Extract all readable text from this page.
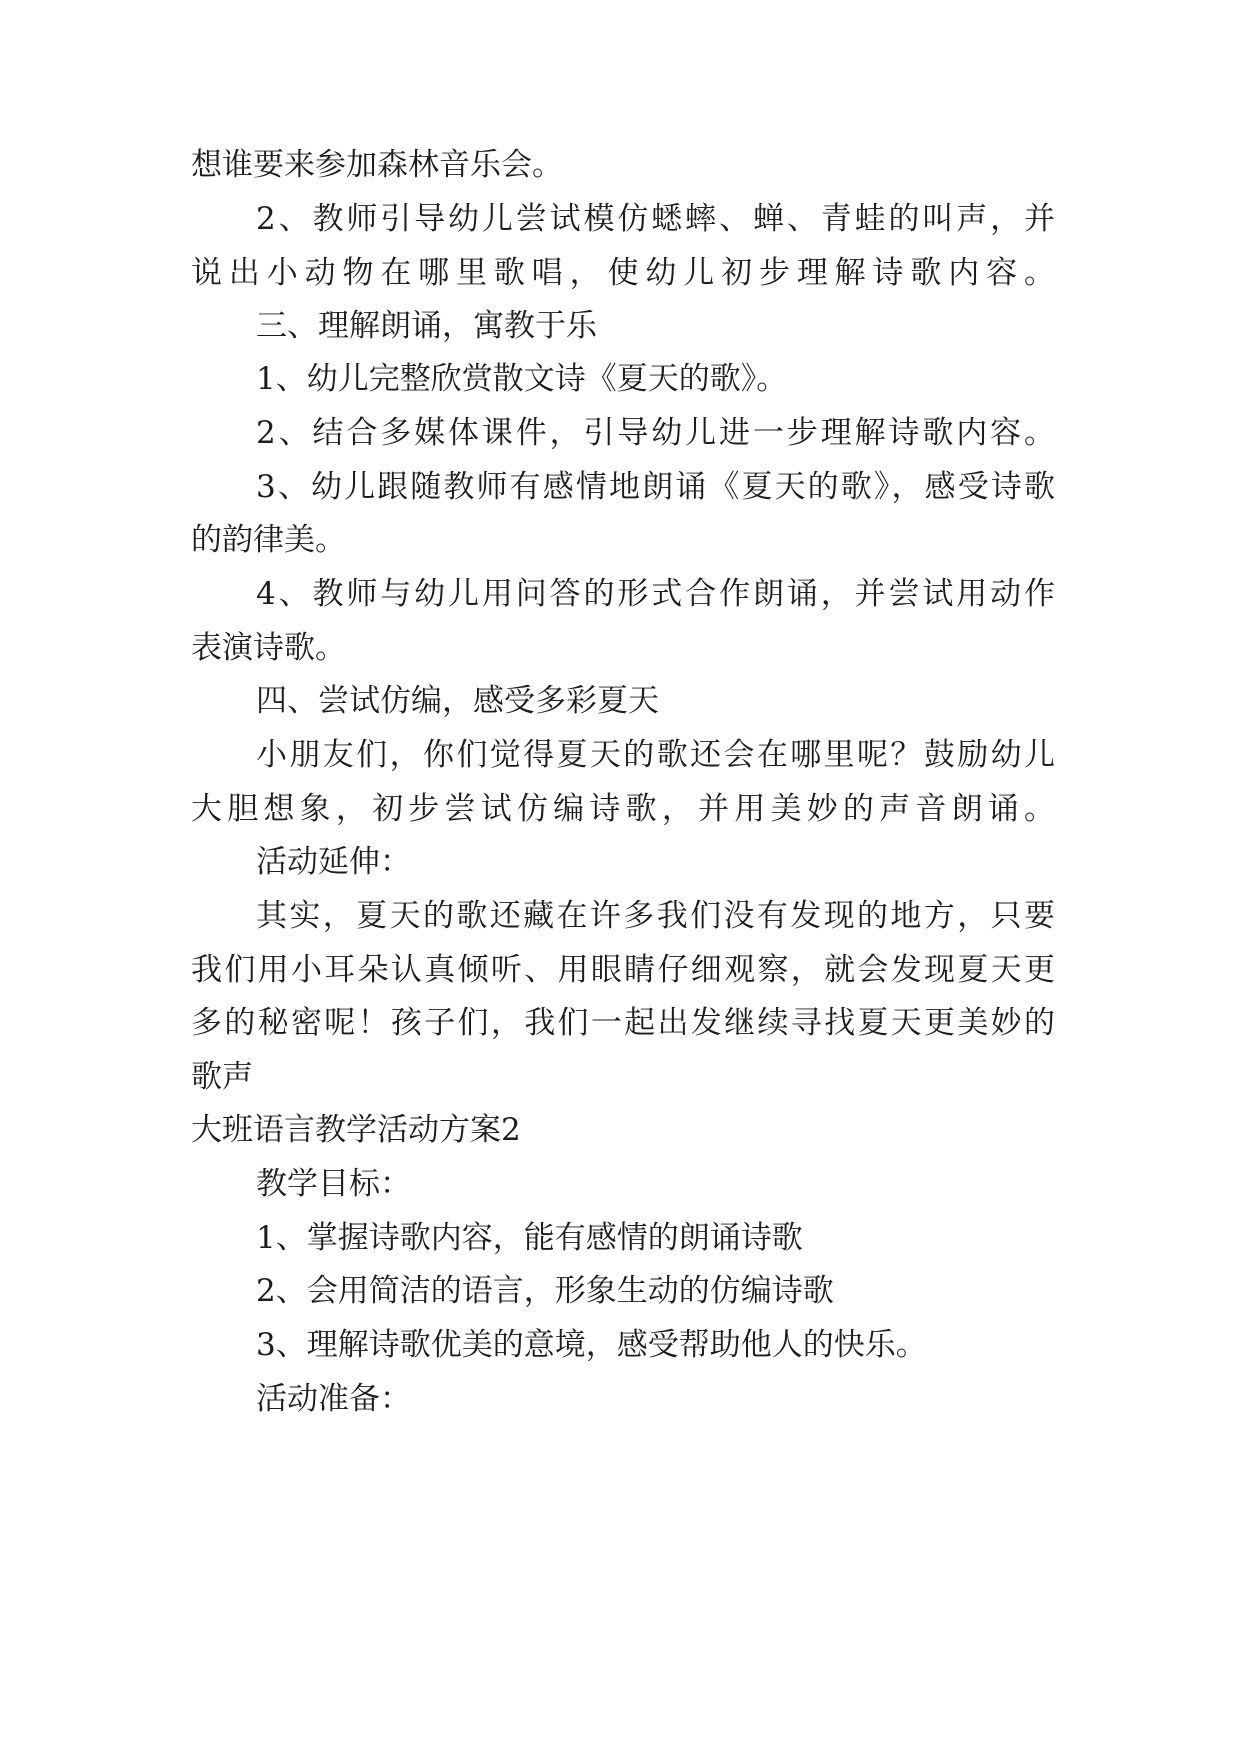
想谁要来参加森林音乐会。
2、教师引导幼儿尝试模仿蟋蟀、蝉、青蛙的叫声，并
说出小动物在哪里歌唱，使幼儿初步理解诗歌内容。
三、理解朗诵，寓教于乐
1、幼儿完整欣赏散文诗《夏天的歌》。
2、结合多媒体课件，引导幼儿进一步理解诗歌内容。
3、幼儿跟随教师有感情地朗诵《夏天的歌》，感受诗歌
的韵律美。
4、教师与幼儿用问答的形式合作朗诵，并尝试用动作
表演诗歌。
四、尝试仿编，感受多彩夏天
小朋友们，你们觉得夏天的歌还会在哪里呢？鼓励幼儿
大胆想象，初步尝试仿编诗歌，并用美妙的声音朗诵。
活动延伸：
其实，夏天的歌还藏在许多我们没有发现的地方，只要
我们用小耳朵认真倾听、用眼睛仔细观察，就会发现夏天更
多的秘密呢！孩子们，我们一起出发继续寻找夏天更美妙的
歌声
大班语言教学活动方案2
教学目标：
1、掌握诗歌内容，能有感情的朗诵诗歌
2、会用简洁的语言，形象生动的仿编诗歌
3、理解诗歌优美的意境，感受帮助他人的快乐。
活动准备：
